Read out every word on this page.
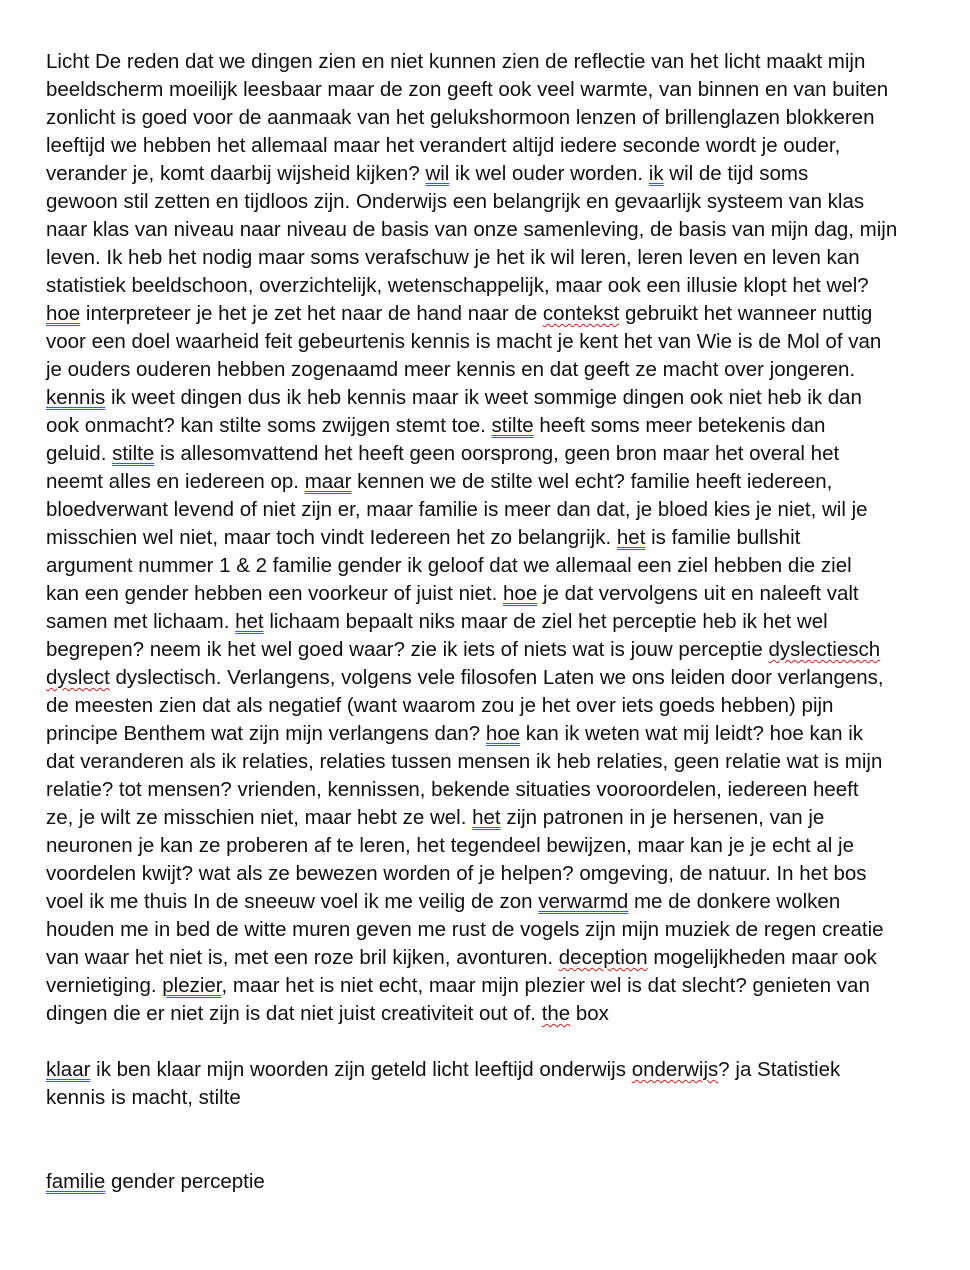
Licht De reden dat we dingen zien en niet kunnen zien de reflectie van het licht maakt mijn
beeldscherm moeilijk leesbaar maar de zon geeft ook veel warmte, van binnen en van buiten
zonlicht is goed voor de aanmaak van het gelukshormoon lenzen of brillenglazen blokkeren
leeftijd we hebben het allemaal maar het verandert altijd iedere seconde wordt je ouder,
verander je, komt daarbij wijsheid kijken? wil ik wel ouder worden. ik wil de tijd soms
gewoon stil zetten en tijdloos zijn. Onderwijs een belangrijk en gevaarlijk systeem van klas
naar klas van niveau naar niveau de basis van onze samenleving, de basis van mijn dag, mijn
leven. Ik heb het nodig maar soms verafschuw je het ik wil leren, leren leven en leven kan
statistiek beeldschoon, overzichtelijk, wetenschappelijk, maar ook een illusie klopt het wel?
hoe interpreteer je het je zet het naar de hand naar de contekst gebruikt het wanneer nuttig
voor een doel waarheid feit gebeurtenis kennis is macht je kent het van Wie is de Mol of van
je ouders ouderen hebben zogenaamd meer kennis en dat geeft ze macht over jongeren.
kennis ik weet dingen dus ik heb kennis maar ik weet sommige dingen ook niet heb ik dan
ook onmacht? kan stilte soms zwijgen stemt toe. stilte heeft soms meer betekenis dan
geluid. stilte is allesomvattend het heeft geen oorsprong, geen bron maar het overal het
neemt alles en iedereen op. maar kennen we de stilte wel echt? familie heeft iedereen,
bloedverwant levend of niet zijn er, maar familie is meer dan dat, je bloed kies je niet, wil je
misschien wel niet, maar toch vindt Iedereen het zo belangrijk. het is familie bullshit
argument nummer 1 & 2 familie gender ik geloof dat we allemaal een ziel hebben die ziel
kan een gender hebben een voorkeur of juist niet. hoe je dat vervolgens uit en naleeft valt
samen met lichaam. het lichaam bepaalt niks maar de ziel het perceptie heb ik het wel
begrepen? neem ik het wel goed waar? zie ik iets of niets wat is jouw perceptie dyslectiesch
dyslect dyslectisch. Verlangens, volgens vele filosofen Laten we ons leiden door verlangens,
de meesten zien dat als negatief (want waarom zou je het over iets goeds hebben) pijn
principe Benthem wat zijn mijn verlangens dan? hoe kan ik weten wat mij leidt? hoe kan ik
dat veranderen als ik relaties, relaties tussen mensen ik heb relaties, geen relatie wat is mijn
relatie? tot mensen? vrienden, kennissen, bekende situaties vooroordelen, iedereen heeft
ze, je wilt ze misschien niet, maar hebt ze wel. het zijn patronen in je hersenen, van je
neuronen je kan ze proberen af te leren, het tegendeel bewijzen, maar kan je je echt al je
voordelen kwijt? wat als ze bewezen worden of je helpen? omgeving, de natuur. In het bos
voel ik me thuis In de sneeuw voel ik me veilig de zon verwarmd me de donkere wolken
houden me in bed de witte muren geven me rust de vogels zijn mijn muziek de regen creatie
van waar het niet is, met een roze bril kijken, avonturen. deception mogelijkheden maar ook
vernietiging. plezier, maar het is niet echt, maar mijn plezier wel is dat slecht? genieten van
dingen die er niet zijn is dat niet juist creativiteit out of. the box
klaar ik ben klaar mijn woorden zijn geteld licht leeftijd onderwijs onderwijs? ja Statistiek
kennis is macht, stilte
familie gender perceptie
